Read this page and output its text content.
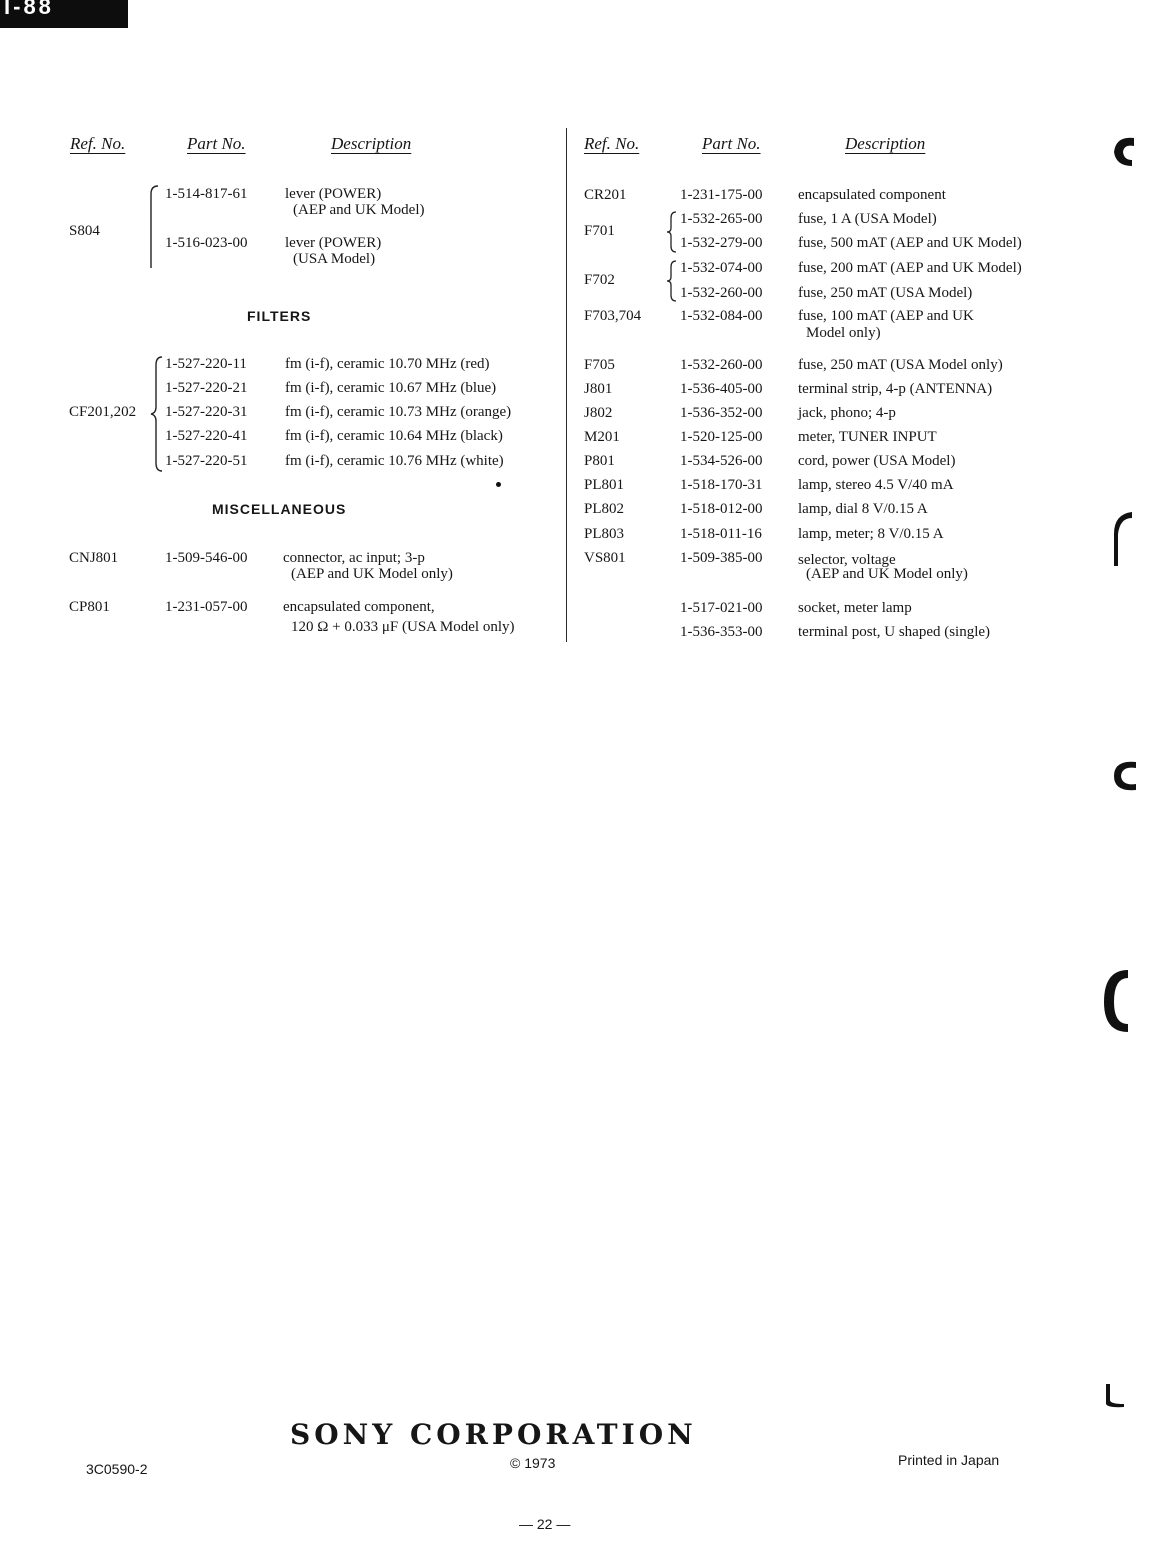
I-88
Ref. No.	Part No.	Description	Ref. No.	Part No.	Description
S804
1-514-817-61	lever (POWER)
(AEP and UK Model)
1-516-023-00	lever (POWER)
(USA Model)
FILTERS
CF201,202
1-527-220-11	fm (i-f), ceramic 10.70 MHz (red)
1-527-220-21	fm (i-f), ceramic 10.67 MHz (blue)
1-527-220-31	fm (i-f), ceramic 10.73 MHz (orange)
1-527-220-41	fm (i-f), ceramic 10.64 MHz (black)
1-527-220-51	fm (i-f), ceramic 10.76 MHz (white)
MISCELLANEOUS
CNJ801	1-509-546-00 connector, ac input; 3-p
(AEP and UK Model only)
CP801	1-231-057-00 encapsulated component,
120 Ω + 0.033 μF (USA Model only)
CR201	1-231-175-00 encapsulated component
F701
1-532-265-00 fuse, 1 A (USA Model)
1-532-279-00 fuse, 500 mAT (AEP and UK Model)
F702
1-532-074-00 fuse, 200 mAT (AEP and UK Model)
1-532-260-00 fuse, 250 mAT (USA Model)
F703,704	1-532-084-00 fuse, 100 mAT (AEP and UK
Model only)
F705	1-532-260-00 fuse, 250 mAT (USA Model only)
J801	1-536-405-00 terminal strip, 4-p (ANTENNA)
J802	1-536-352-00 jack, phono; 4-p
M201	1-520-125-00 meter, TUNER INPUT
P801	1-534-526-00 cord, power (USA Model)
PL801	1-518-170-31 lamp, stereo 4.5 V/40 mA
PL802	1-518-012-00 lamp, dial 8 V/0.15 A
PL803	1-518-011-16 lamp, meter; 8 V/0.15 A
VS801	1-509-385-00 selector, voltage
(AEP and UK Model only)
1-517-021-00 socket, meter lamp
1-536-353-00 terminal post, U shaped (single)
SONY CORPORATION
© 1973
3C0590-2
Printed in Japan
— 22 —
